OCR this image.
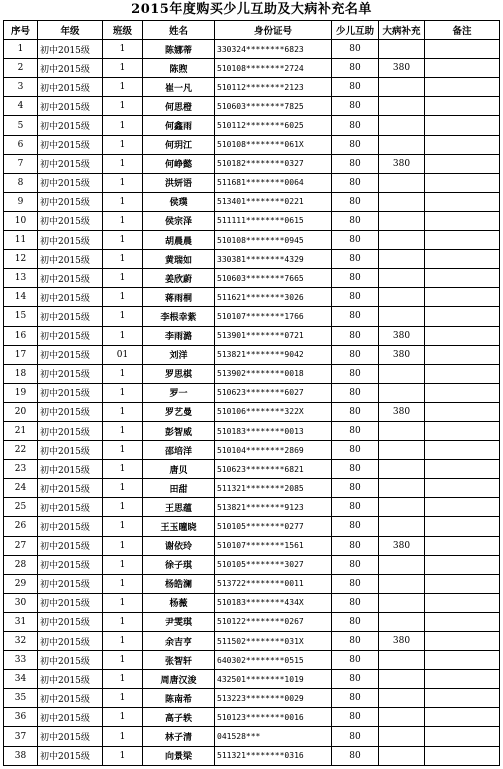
2015年度购买少儿互助及大病补充名单
序号	年级	班级	姓名	身份证号	少儿互助	大病补充	备注
1	初中2015级	1	陈娜蒂	330324********6823	80		
2	初中2015级	1	陈煦	510108********2724	80	380	
3	初中2015级	1	崔一凡	510112********2123	80		
4	初中2015级	1	何思橙	510603********7825	80		
5	初中2015级	1	何鑫雨	510112********6025	80		
6	初中2015级	1	何玥江	510108********061X	80		
7	初中2015级	1	何峥懿	510182********0327	80	380	
8	初中2015级	1	洪妍语	511681********0064	80		
9	初中2015级	1	侯璞	513401********0221	80		
10	初中2015级	1	侯宗泽	511111********0615	80		
11	初中2015级	1	胡晨晨	510108********0945	80		
12	初中2015级	1	黄瑞如	330381********4329	80		
13	初中2015级	1	姜欣蔚	510603********7665	80		
14	初中2015级	1	蒋雨桐	511621********3026	80		
15	初中2015级	1	李根幸紫	510107********1766	80		
16	初中2015级	1	李雨潞	513901********0721	80	380	
17	初中2015级	01	刘洋	513821********9042	80	380	
18	初中2015级	1	罗思棋	513902********0018	80		
19	初中2015级	1	罗一	510623********6027	80		
20	初中2015级	1	罗艺曼	510106********322X	80	380	
21	初中2015级	1	彭智威	510183********0013	80		
22	初中2015级	1	邵培洋	510104********2869	80		
23	初中2015级	1	唐贝	510623********6821	80		
24	初中2015级	1	田甜	511321********2085	80		
25	初中2015级	1	王思蕴	513821********9123	80		
26	初中2015级	1	王玉曈晓	510105********0277	80		
27	初中2015级	1	谢依玲	510107********1561	80	380	
28	初中2015级	1	徐子琪	510105********3027	80		
29	初中2015级	1	杨皓澜	513722********0011	80		
30	初中2015级	1	杨薇	510183********434X	80		
31	初中2015级	1	尹雯琪	510122********0267	80		
32	初中2015级	1	余吉亨	511502********031X	80	380	
33	初中2015级	1	张智轩	640302********0515	80		
34	初中2015级	1	周唐汉浚	432501********1019	80		
35	初中2015级	1	陈南希	513223********0029	80		
36	初中2015级	1	高子轶	510123********0016	80		
37	初中2015级	1	林子清	041528***	80		
38	初中2015级	1	向景梁	511321********0316	80		
